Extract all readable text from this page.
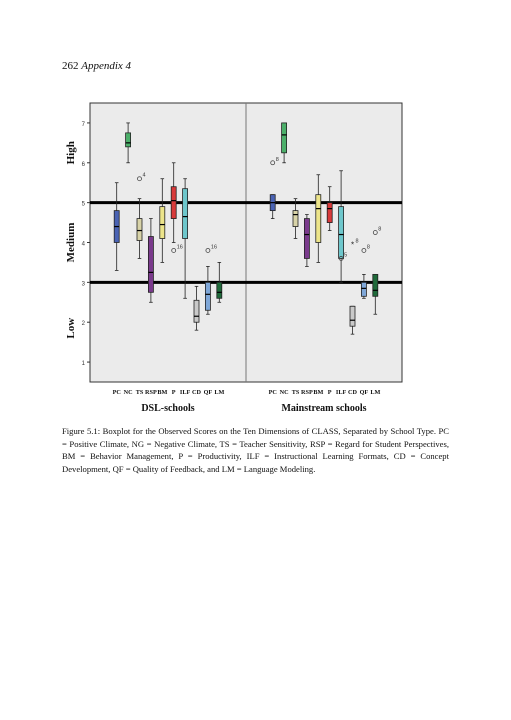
262 Appendix 4
1
2
3
4
5
6
7
Low
Medium
High
4
16	16
PC NC TS RSP BM P ILF CD QF LM
DSL-schools
8
5
* 8
8
8
PC NC TS RSP BM P ILF CD QF LM
Mainstream schools
Figure 5.1: Boxplot for the Observed Scores on the Ten Dimensions of CLASS, Separated by School Type. PC = Positive Climate, NG = Negative Climate, TS = Teacher Sensitivity, RSP = Regard for Student Perspectives, BM = Behavior Management, P = Productivity, ILF = Instructional Learning Formats, CD = Concept Development, QF = Quality of Feedback, and LM = Language Modeling.
